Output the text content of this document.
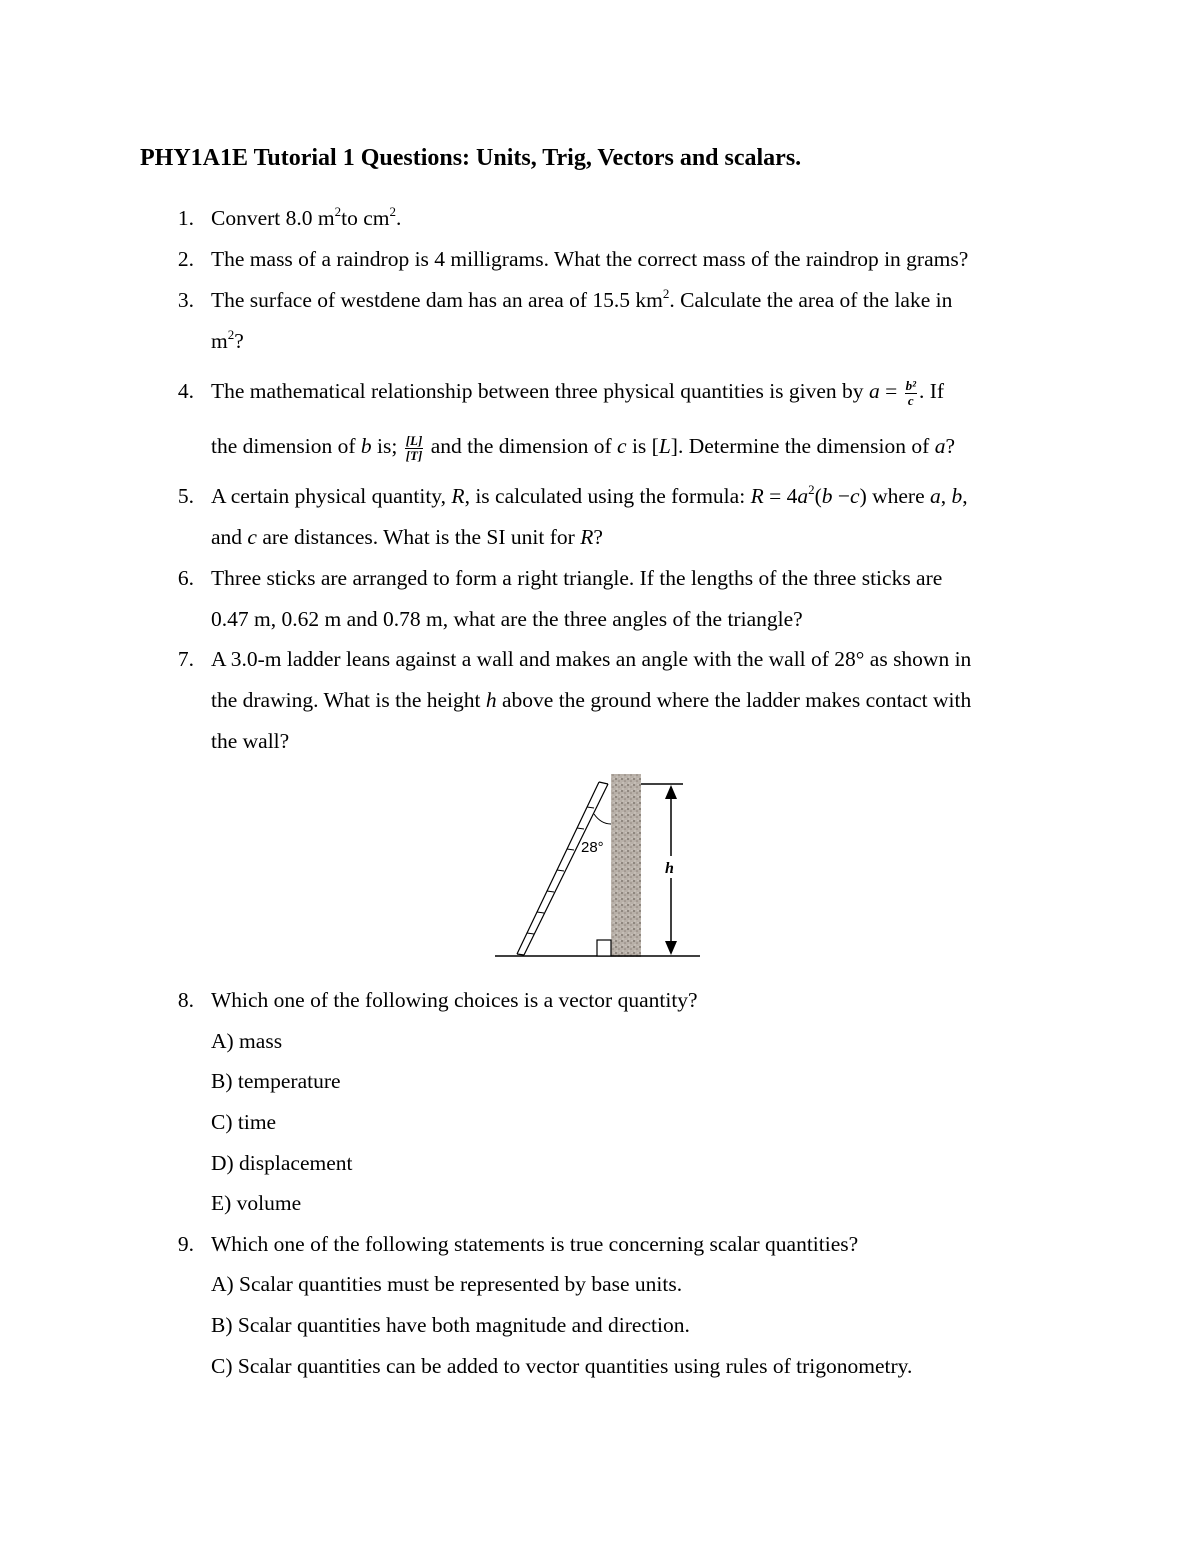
PHY1A1E Tutorial 1 Questions: Units, Trig, Vectors and scalars.
1. Convert 8.0 $m^2to$ $cm^2$.
2. The mass of a raindrop is 4 milligrams. What the correct mass of the raindrop in grams?
3. The surface of westdene dam has an area of 15.5 $km^2$. Calculate the area of the lake in
$m^2$?
4. The mathematical relationship between three physical quantities is given by $a = \frac{\text{b²}}{c}$ . If
the dimension of b is; $\frac{[L]}{[T]}$ and the dimension of c is [L]. Determine the dimension of a?
5. A certain physical quantity, R, is calculated using the formula: $R = 4a^2(b -c)$ where a, b,
and c are distances. What is the SI unit for R?
6. Three sticks are arranged to form a right triangle. If the lengths of the three sticks are
0.47 m, 0.62 m and 0.78 m, what are the three angles of the triangle?
7. A 3.0-m ladder leans against a wall and makes an angle with the wall of 28° as shown in
the drawing. What is the height h above the ground where the ladder makes contact with
the wall?
28°
h
8. Which one of the following choices is a vector quantity?
A) mass
B) temperature
C) time
D) displacement
E) volume
9. Which one of the following statements is true concerning scalar quantities?
A) Scalar quantities must be represented by base units.
B) Scalar quantities have both magnitude and direction.
C) Scalar quantities can be added to vector quantities using rules of trigonometry.
